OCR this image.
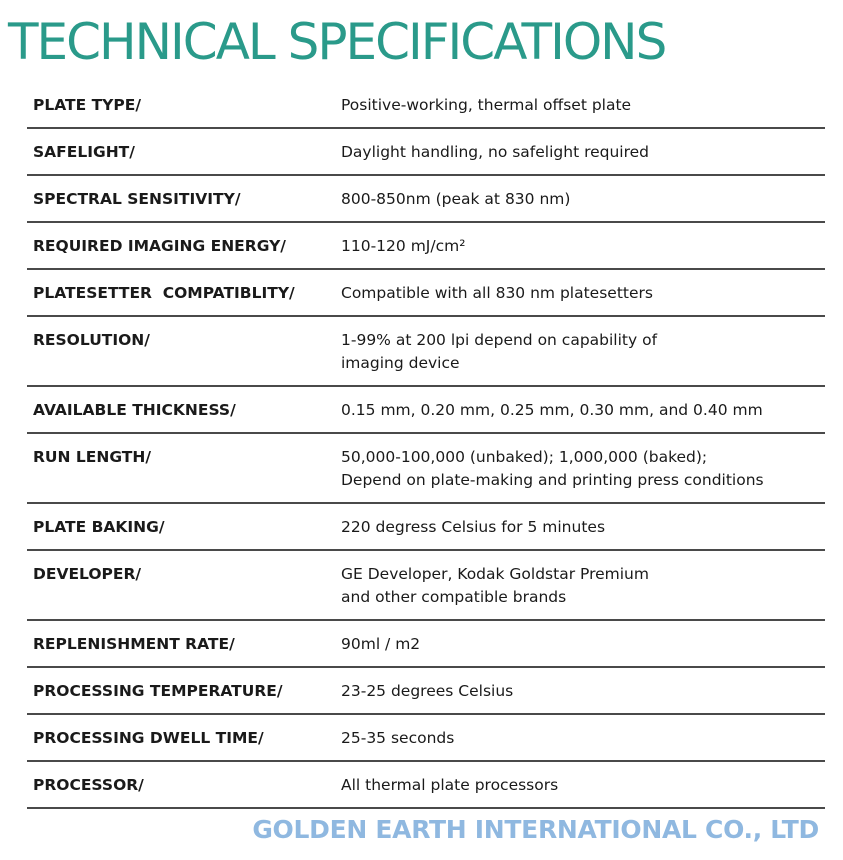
TECHNICAL SPECIFICATIONS
PLATE TYPE/	Positive-working, thermal offset plate
SAFELIGHT/	Daylight handling, no safelight required
SPECTRAL SENSITIVITY/	800-850nm (peak at 830 nm)
REQUIRED IMAGING ENERGY/	110-120 mJ/cm²
PLATESETTER  COMPATIBLITY/	Compatible with all 830 nm platesetters
RESOLUTION/	1-99% at 200 lpi depend on capability of
imaging device
AVAILABLE THICKNESS/	0.15 mm, 0.20 mm, 0.25 mm, 0.30 mm, and 0.40 mm
RUN LENGTH/	50,000-100,000 (unbaked); 1,000,000 (baked);
Depend on plate-making and printing press conditions
PLATE BAKING/	220 degress Celsius for 5 minutes
DEVELOPER/	GE Developer, Kodak Goldstar Premium
and other compatible brands
REPLENISHMENT RATE/	90ml / m2
PROCESSING TEMPERATURE/	23-25 degrees Celsius
PROCESSING DWELL TIME/	25-35 seconds
PROCESSOR/	All thermal plate processors
GOLDEN EARTH INTERNATIONAL CO., LTD
